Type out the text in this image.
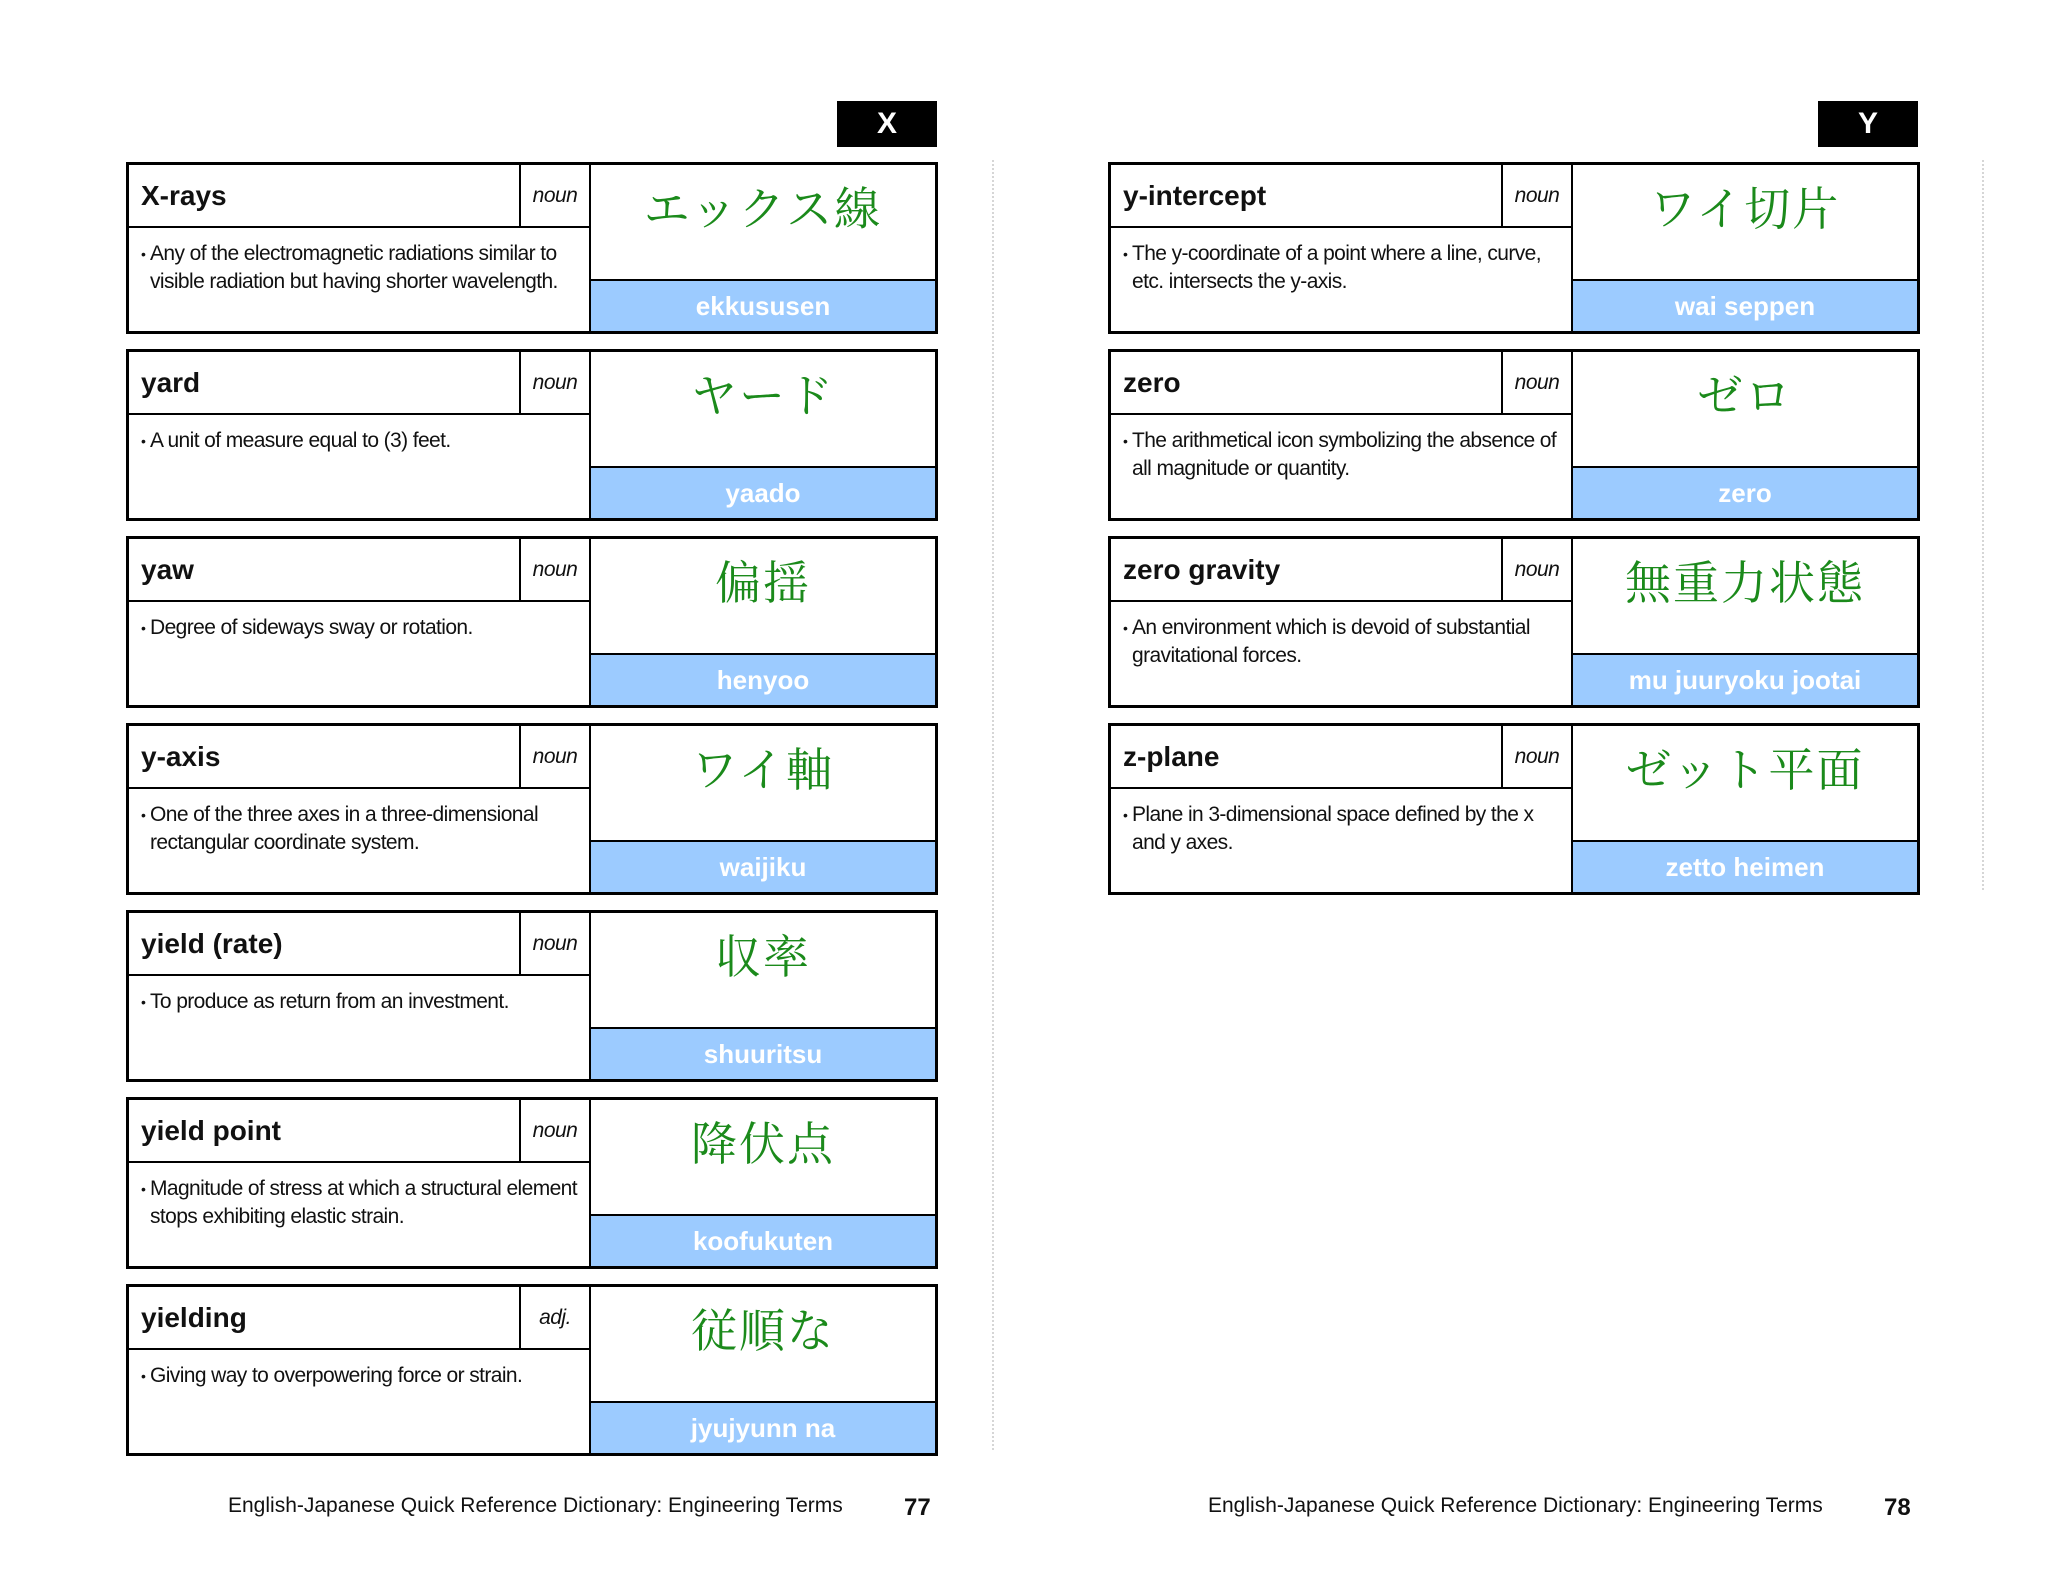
X
X-rays	noun
• Any of the electromagnetic radiations similar to visible radiation but having shorter wavelength.
エックス線
ekkususen
yard	noun
• A unit of measure equal to (3) feet.
ヤード
yaado
yaw	noun
• Degree of sideways sway or rotation.
偏揺
henyoo
y-axis	noun
• One of the three axes in a three-dimensional rectangular coordinate system.
ワイ軸
waijiku
yield (rate)	noun
• To produce as return from an investment.
収率
shuuritsu
yield point	noun
• Magnitude of stress at which a structural element stops exhibiting elastic strain.
降伏点
koofukuten
yielding	adj.
• Giving way to overpowering force or strain.
従順な
jyujyunn na
English-Japanese Quick Reference Dictionary: Engineering Terms	77
Y
y-intercept	noun
• The y-coordinate of a point where a line, curve, etc. intersects the y-axis.
ワイ切片
wai seppen
zero	noun
• The arithmetical icon symbolizing the absence of all magnitude or quantity.
ゼロ
zero
zero gravity	noun
• An environment which is devoid of substantial gravitational forces.
無重力状態
mu juuryoku jootai
z-plane	noun
• Plane in 3-dimensional space defined by the x and y axes.
ゼット平面
zetto heimen
English-Japanese Quick Reference Dictionary: Engineering Terms	78
